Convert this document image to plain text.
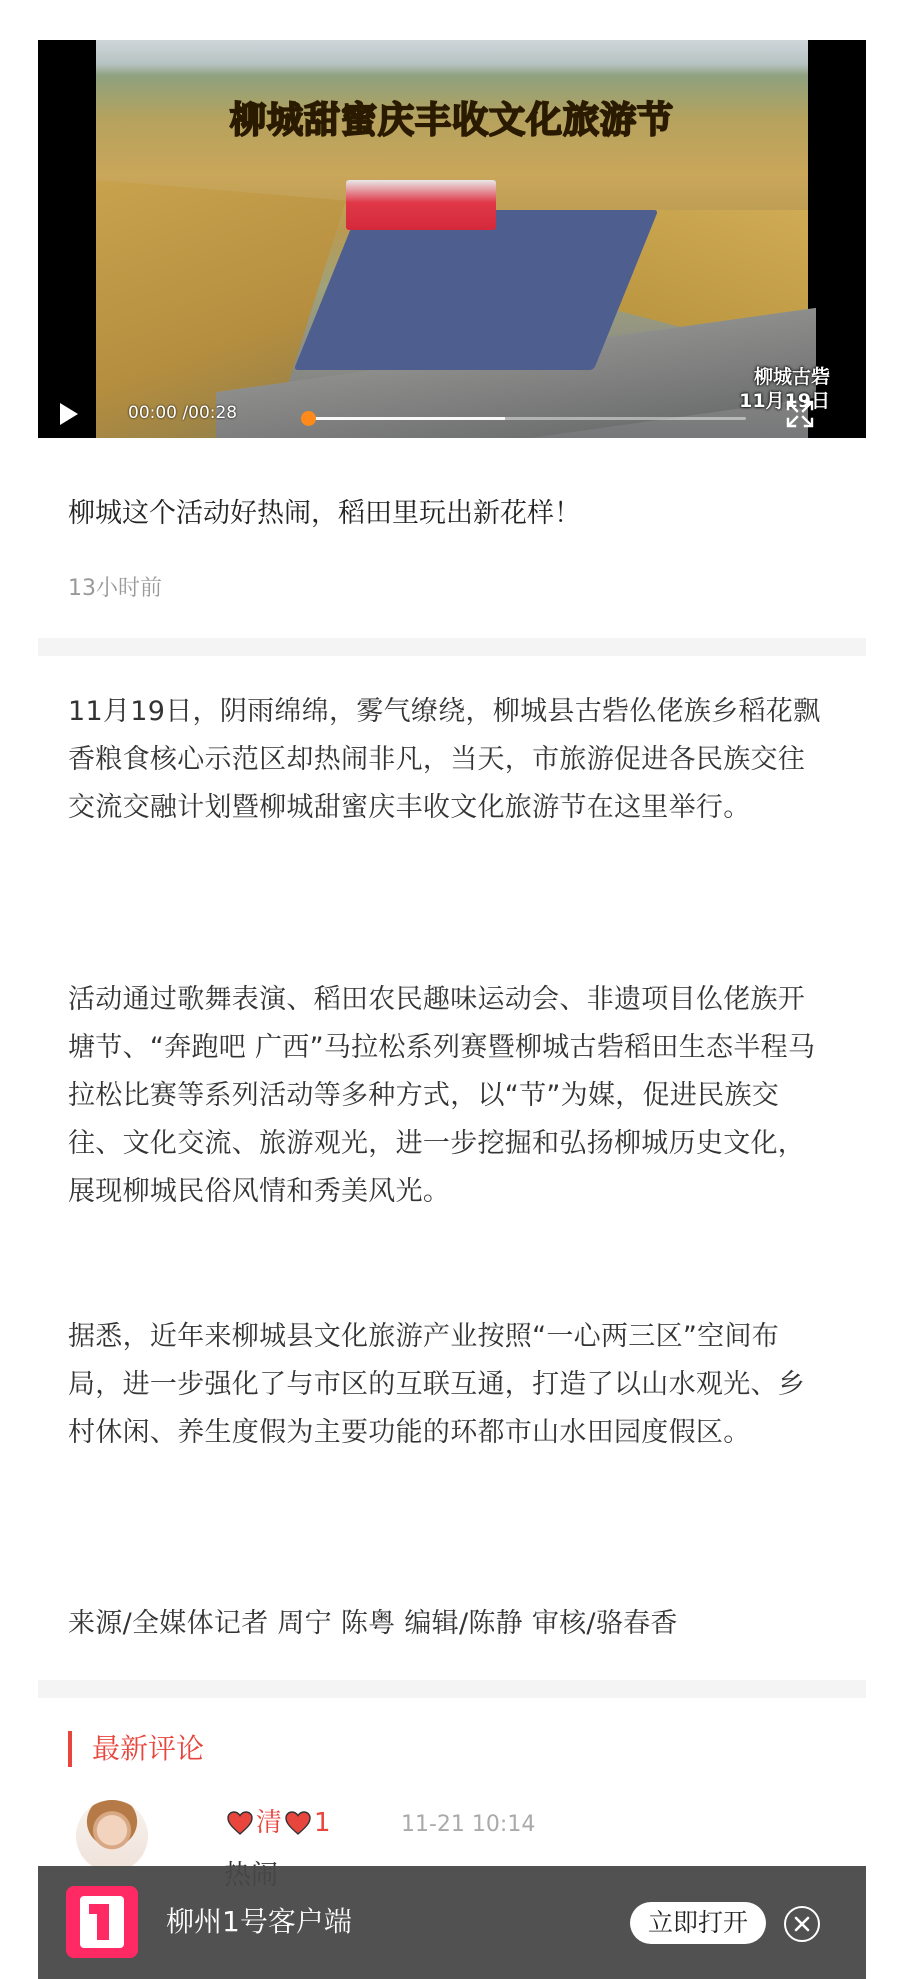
柳城甜蜜庆丰收文化旅游节
柳城古砦
11月19日
00:00 /00:28
柳城这个活动好热闹，稻田里玩出新花样！
13小时前

11月19日，阴雨绵绵，雾气缭绕，柳城县古砦仫佬族乡稻花飘香粮食核心示范区却热闹非凡，当天，市旅游促进各民族交往交流交融计划暨柳城甜蜜庆丰收文化旅游节在这里举行。

活动通过歌舞表演、稻田农民趣味运动会、非遗项目仫佬族开塘节、“奔跑吧 广西”马拉松系列赛暨柳城古砦稻田生态半程马拉松比赛等系列活动等多种方式，以“节”为媒，促进民族交往、文化交流、旅游观光，进一步挖掘和弘扬柳城历史文化，展现柳城民俗风情和秀美风光。

据悉，近年来柳城县文化旅游产业按照“一心两三区”空间布局，进一步强化了与市区的互联互通，打造了以山水观光、乡村休闲、养生度假为主要功能的环都市山水田园度假区。

来源/全媒体记者 周宁 陈粤 编辑/陈静 审核/骆春香

最新评论
清 1	11-21 10:14
柳州1号客户端	立即打开
